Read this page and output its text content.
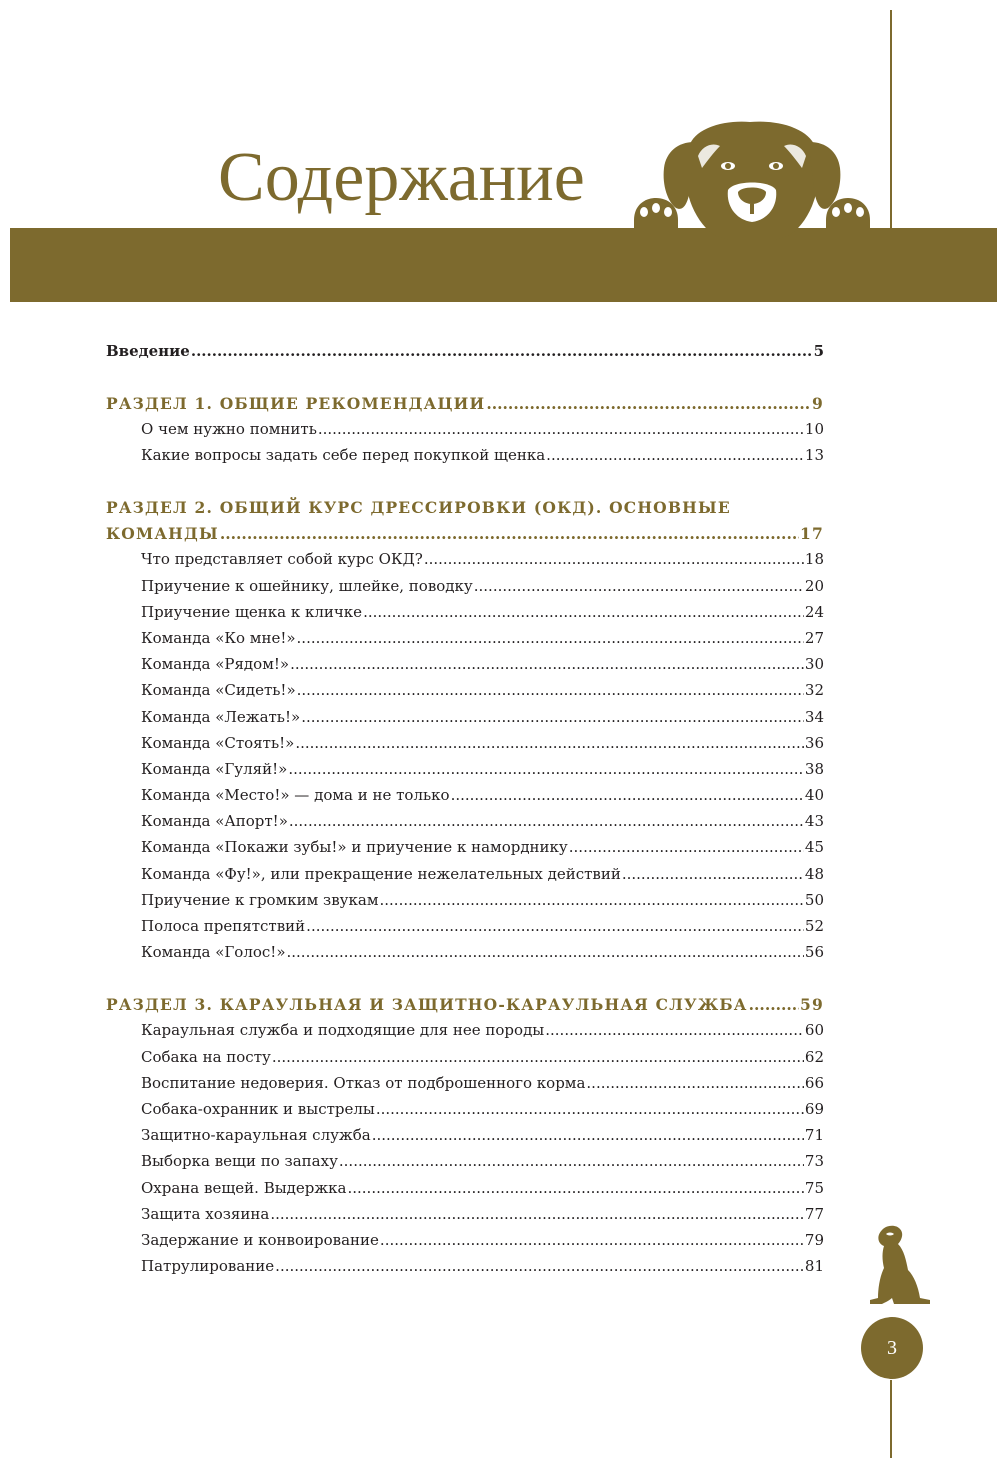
Содержание
Введение .....	5
РАЗДЕЛ 1. ОБЩИЕ РЕКОМЕНДАЦИИ .....	9
О чем нужно помнить .....	10
Какие вопросы задать себе перед покупкой щенка .....	13
РАЗДЕЛ 2. ОБЩИЙ КУРС ДРЕССИРОВКИ (ОКД). ОСНОВНЫЕ
КОМАНДЫ .....	17
Что представляет собой курс ОКД? .....	18
Приучение к ошейнику, шлейке, поводку .....	20
Приучение щенка к кличке .....	24
Команда «Ко мне!» .....	27
Команда «Рядом!» .....	30
Команда «Сидеть!» .....	32
Команда «Лежать!» .....	34
Команда «Стоять!» .....	36
Команда «Гуляй!» .....	38
Команда «Место!» — дома и не только .....	40
Команда «Апорт!» .....	43
Команда «Покажи зубы!» и приучение к наморднику .....	45
Команда «Фу!», или прекращение нежелательных действий .....	48
Приучение к громким звукам .....	50
Полоса препятствий .....	52
Команда «Голос!» .....	56
РАЗДЕЛ 3. КАРАУЛЬНАЯ И ЗАЩИТНО-КАРАУЛЬНАЯ СЛУЖБА .....	59
Караульная служба и подходящие для нее породы .....	60
Собака на посту .....	62
Воспитание недоверия. Отказ от подброшенного корма .....	66
Собака-охранник и выстрелы .....	69
Защитно-караульная служба .....	71
Выборка вещи по запаху .....	73
Охрана вещей. Выдержка .....	75
Защита хозяина .....	77
Задержание и конвоирование .....	79
Патрулирование .....	81
3
